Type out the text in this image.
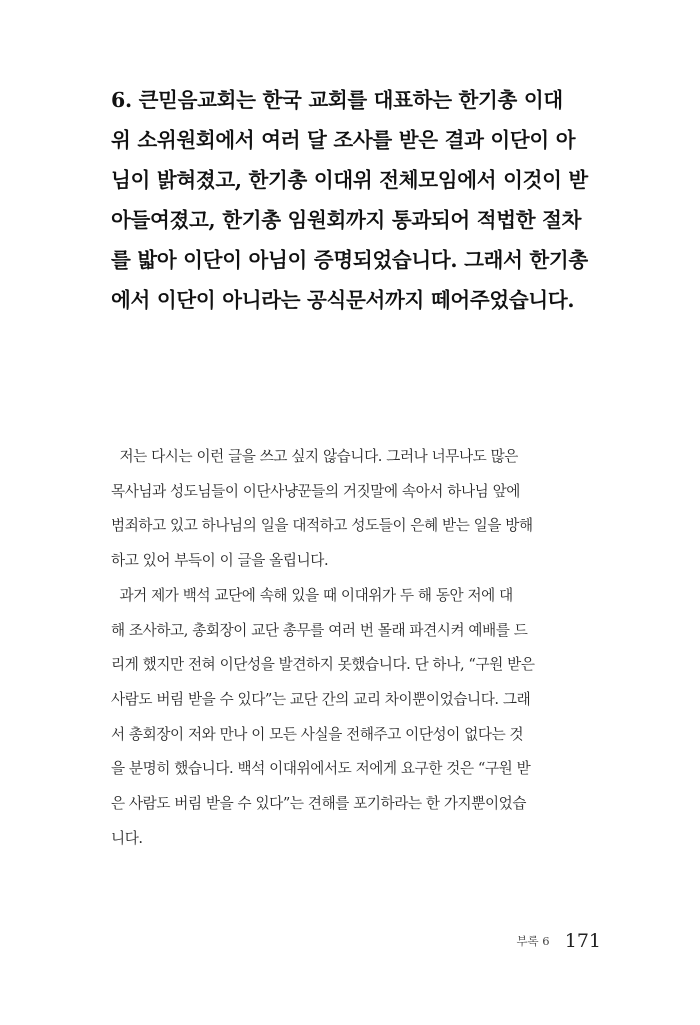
6. 큰믿음교회는 한국 교회를 대표하는 한기총 이대
위 소위원회에서 여러 달 조사를 받은 결과 이단이 아
님이 밝혀졌고, 한기총 이대위 전체모임에서 이것이 받
아들여졌고, 한기총 임원회까지 통과되어 적법한 절차
를 밟아 이단이 아님이 증명되었습니다. 그래서 한기총
에서 이단이 아니라는 공식문서까지 떼어주었습니다.
저는 다시는 이런 글을 쓰고 싶지 않습니다. 그러나 너무나도 많은
목사님과 성도님들이 이단사냥꾼들의 거짓말에 속아서 하나님 앞에
범죄하고 있고 하나님의 일을 대적하고 성도들이 은혜 받는 일을 방해
하고 있어 부득이 이 글을 올립니다.
과거 제가 백석 교단에 속해 있을 때 이대위가 두 해 동안 저에 대
해 조사하고, 총회장이 교단 총무를 여러 번 몰래 파견시켜 예배를 드
리게 했지만 전혀 이단성을 발견하지 못했습니다. 단 하나, “구원 받은
사람도 버림 받을 수 있다”는 교단 간의 교리 차이뿐이었습니다. 그래
서 총회장이 저와 만나 이 모든 사실을 전해주고 이단성이 없다는 것
을 분명히 했습니다. 백석 이대위에서도 저에게 요구한 것은 “구원 받
은 사람도 버림 받을 수 있다”는 견해를 포기하라는 한 가지뿐이었습
니다.
부록 6 171
